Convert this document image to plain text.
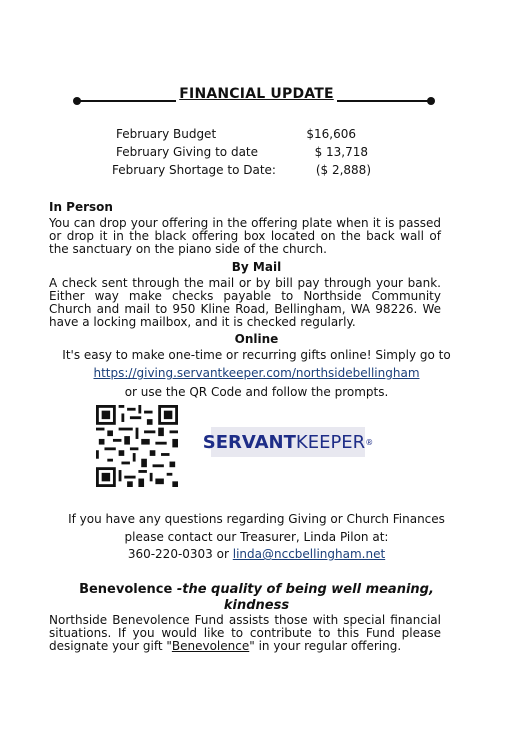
FINANCIAL UPDATE
February Budget	$16,606
February Giving to date	$ 13,718
February Shortage to Date:	($ 2,888)
In Person
You can drop your offering in the offering plate when it is passed or drop it in the black offering box located on the back wall of the sanctuary on the piano side of the church.
By Mail
A check sent through the mail or by bill pay through your bank. Either way make checks payable to Northside Community Church and mail to 950 Kline Road, Bellingham, WA 98226. We have a locking mailbox, and it is checked regularly.
Online
It's easy to make one-time or recurring gifts online! Simply go to
https://giving.servantkeeper.com/northsidebellingham
or use the QR Code and follow the prompts.
SERVANT KEEPER ®
If you have any questions regarding Giving or Church Finances
please contact our Treasurer, Linda Pilon at:
360-220-0303 or linda@nccbellingham.net
Benevolence -the quality of being well meaning,
kindness
Northside Benevolence Fund assists those with special financial situations. If you would like to contribute to this Fund please designate your gift "Benevolence" in your regular offering.
